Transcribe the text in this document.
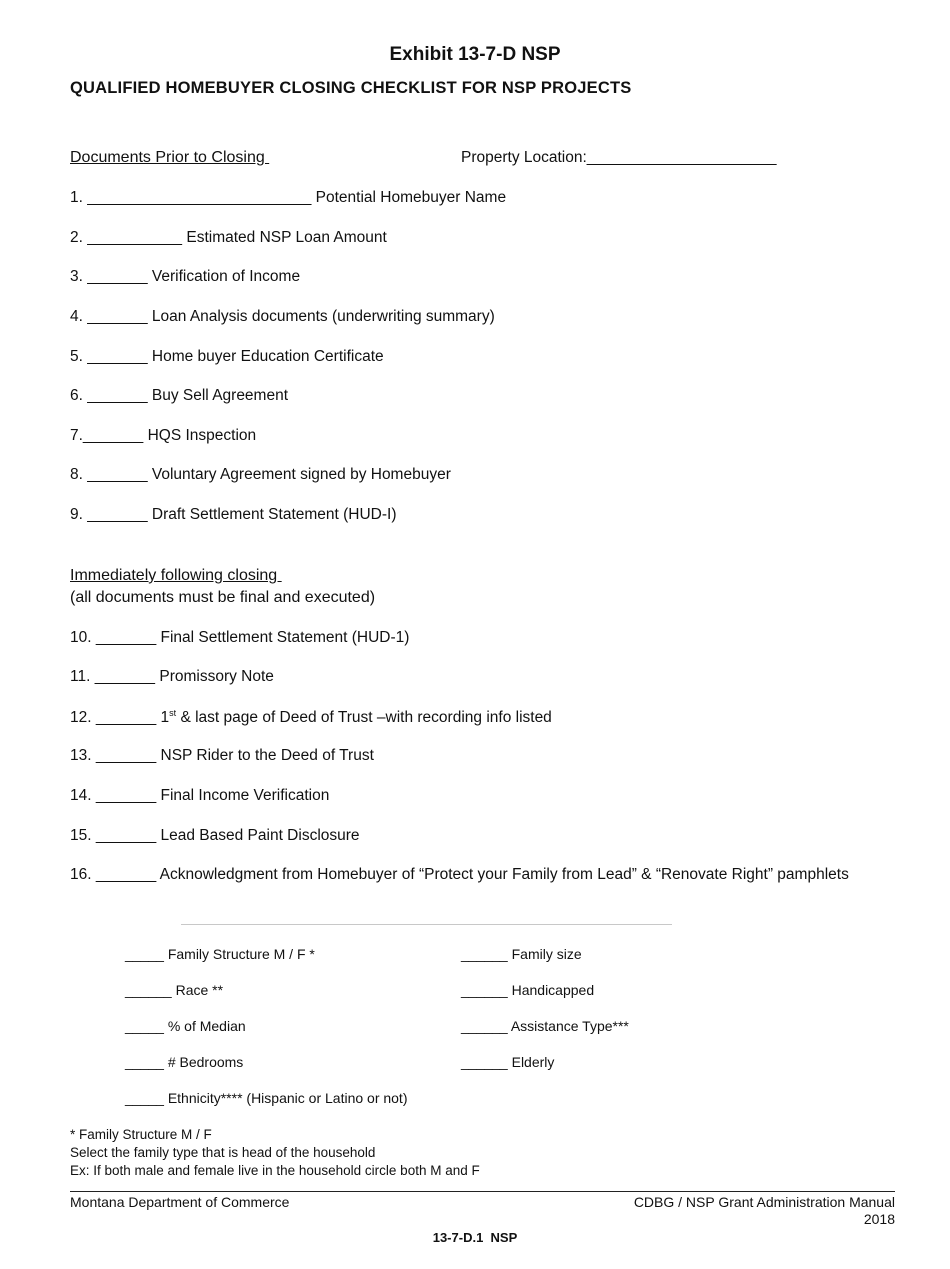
Exhibit 13-7-D NSP
QUALIFIED HOMEBUYER CLOSING CHECKLIST FOR NSP PROJECTS
Documents Prior to Closing	Property Location:______________________
1. __________________________ Potential Homebuyer Name
2. ___________ Estimated NSP Loan Amount
3. _______ Verification of Income
4. _______ Loan Analysis documents (underwriting summary)
5. _______ Home buyer Education Certificate
6. _______ Buy Sell Agreement
7._______ HQS Inspection
8. _______ Voluntary Agreement signed by Homebuyer
9. _______ Draft Settlement Statement (HUD-I)
Immediately following closing
(all documents must be final and executed)
10. _______ Final Settlement Statement (HUD-1)
11. _______ Promissory Note
12. _______ 1st & last page of Deed of Trust –with recording info listed
13. _______ NSP Rider to the Deed of Trust
14. _______ Final Income Verification
15. _______ Lead Based Paint Disclosure
16. _______ Acknowledgment from Homebuyer of “Protect your Family from Lead” & “Renovate Right” pamphlets
_____ Family Structure M / F *	______ Family size
______ Race **	______ Handicapped
_____ % of Median	______ Assistance Type***
_____ # Bedrooms	______ Elderly
_____ Ethnicity**** (Hispanic or Latino or not)
* Family Structure M / F
Select the family type that is head of the household
Ex: If both male and female live in the household circle both M and F
Montana Department of Commerce	CDBG / NSP Grant Administration Manual
2018
13-7-D.1  NSP
